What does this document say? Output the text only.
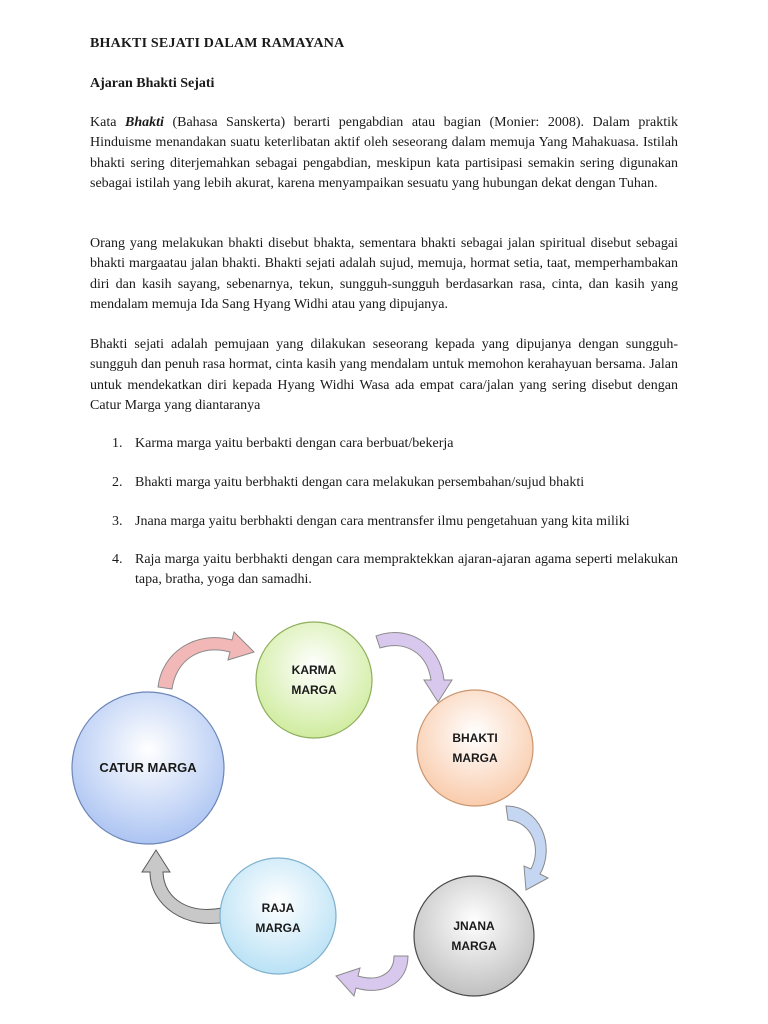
BHAKTI SEJATI DALAM RAMAYANA
Ajaran Bhakti Sejati

Kata Bhakti (Bahasa Sanskerta) berarti pengabdian atau bagian (Monier: 2008). Dalam praktik Hinduisme menandakan suatu keterlibatan aktif oleh seseorang dalam memuja Yang Mahakuasa. Istilah bhakti sering diterjemahkan sebagai pengabdian, meskipun kata partisipasi semakin sering digunakan sebagai istilah yang lebih akurat, karena menyampaikan sesuatu yang hubungan dekat dengan Tuhan.

Orang yang melakukan bhakti disebut bhakta, sementara bhakti sebagai jalan spiritual disebut sebagai bhakti margaatau jalan bhakti. Bhakti sejati adalah sujud, memuja, hormat setia, taat, memperhambakan diri dan kasih sayang, sebenarnya, tekun, sungguh-sungguh berdasarkan rasa, cinta, dan kasih yang mendalam memuja Ida Sang Hyang Widhi atau yang dipujanya.

Bhakti sejati adalah pemujaan yang dilakukan seseorang kepada yang dipujanya dengan sungguh-sungguh dan penuh rasa hormat, cinta kasih yang mendalam untuk memohon kerahayuan bersama. Jalan untuk mendekatkan diri kepada Hyang Widhi Wasa ada empat cara/jalan yang sering disebut dengan Catur Marga yang diantaranya

1. Karma marga yaitu berbakti dengan cara berbuat/bekerja
2. Bhakti marga yaitu berbhakti dengan cara melakukan persembahan/sujud bhakti
3. Jnana marga yaitu berbhakti dengan cara mentransfer ilmu pengetahuan yang kita miliki
4. Raja marga yaitu berbhakti dengan cara mempraktekkan ajaran-ajaran agama seperti melakukan tapa, bratha, yoga dan samadhi.
CATUR MARGA
KARMA
MARGA
BHAKTI
MARGA
JNANA
MARGA
RAJA
MARGA
